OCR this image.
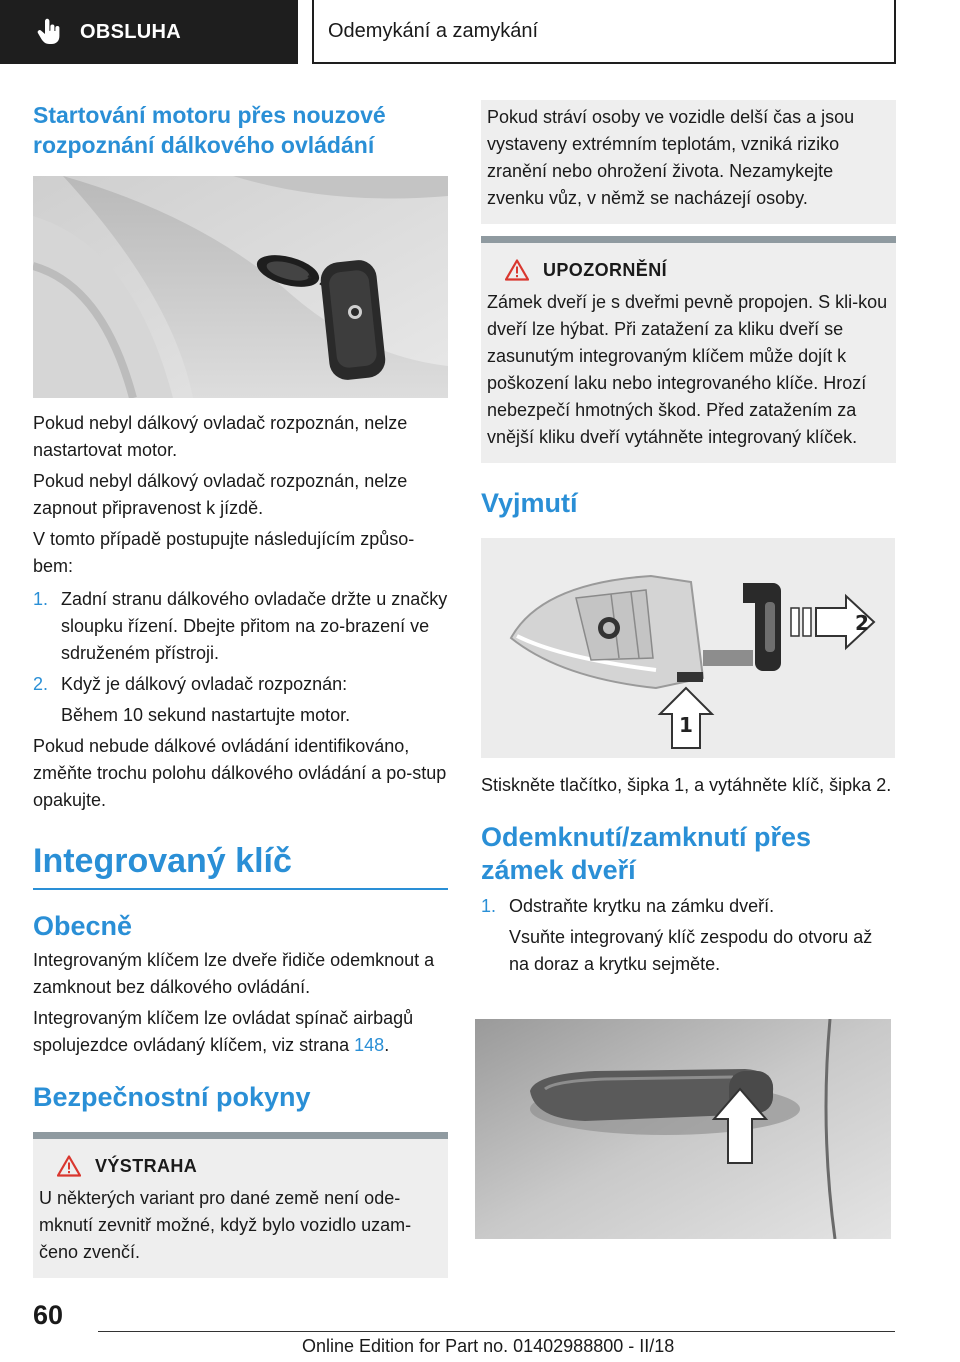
OBSLUHA	Odemykání a zamykání
Startování motoru přes nouzové rozpoznání dálkového ovládání

Pokud nebyl dálkový ovladač rozpoznán, nelze nastartovat motor.

Pokud nebyl dálkový ovladač rozpoznán, nelze zapnout připravenost k jízdě.

V tomto případě postupujte následujícím způso-bem:

1. Zadní stranu dálkového ovladače držte u značky sloupku řízení. Dbejte přitom na zo-brazení ve sdruženém přístroji.
2. Když je dálkový ovladač rozpoznán:
Během 10 sekund nastartujte motor.

Pokud nebude dálkové ovládání identifikováno, změňte trochu polohu dálkového ovládání a po-stup opakujte.

Integrovaný klíč
Obecně

Integrovaným klíčem lze dveře řidiče odemknout a zamknout bez dálkového ovládání.

Integrovaným klíčem lze ovládat spínač airbagů spolujezdce ovládaný klíčem, viz strana 148.

Bezpečnostní pokyny
VÝSTRAHA

U některých variant pro dané země není ode-mknutí zevnitř možné, když bylo vozidlo uzam-čeno zvenčí.

Pokud stráví osoby ve vozidle delší čas a jsou vystaveny extrémním teplotám, vzniká riziko zranění nebo ohrožení života. Nezamykejte zvenku vůz, v němž se nacházejí osoby.

UPOZORNĚNÍ

Zámek dveří je s dveřmi pevně propojen. S kli-kou dveří lze hýbat. Při zatažení za kliku dveří se zasunutým integrovaným klíčem může dojít k poškození laku nebo integrovaného klíče. Hrozí nebezpečí hmotných škod. Před zatažením za vnější kliku dveří vytáhněte integrovaný klíček.

Vyjmutí
2
1

Stiskněte tlačítko, šipka 1, a vytáhněte klíč, šipka 2.

Odemknutí/zamknutí přes zámek dveří
1. Odstraňte krytku na zámku dveří.
Vsuňte integrovaný klíč zespodu do otvoru až na doraz a krytku sejměte.
60
Online Edition for Part no. 01402988800 - II/18
